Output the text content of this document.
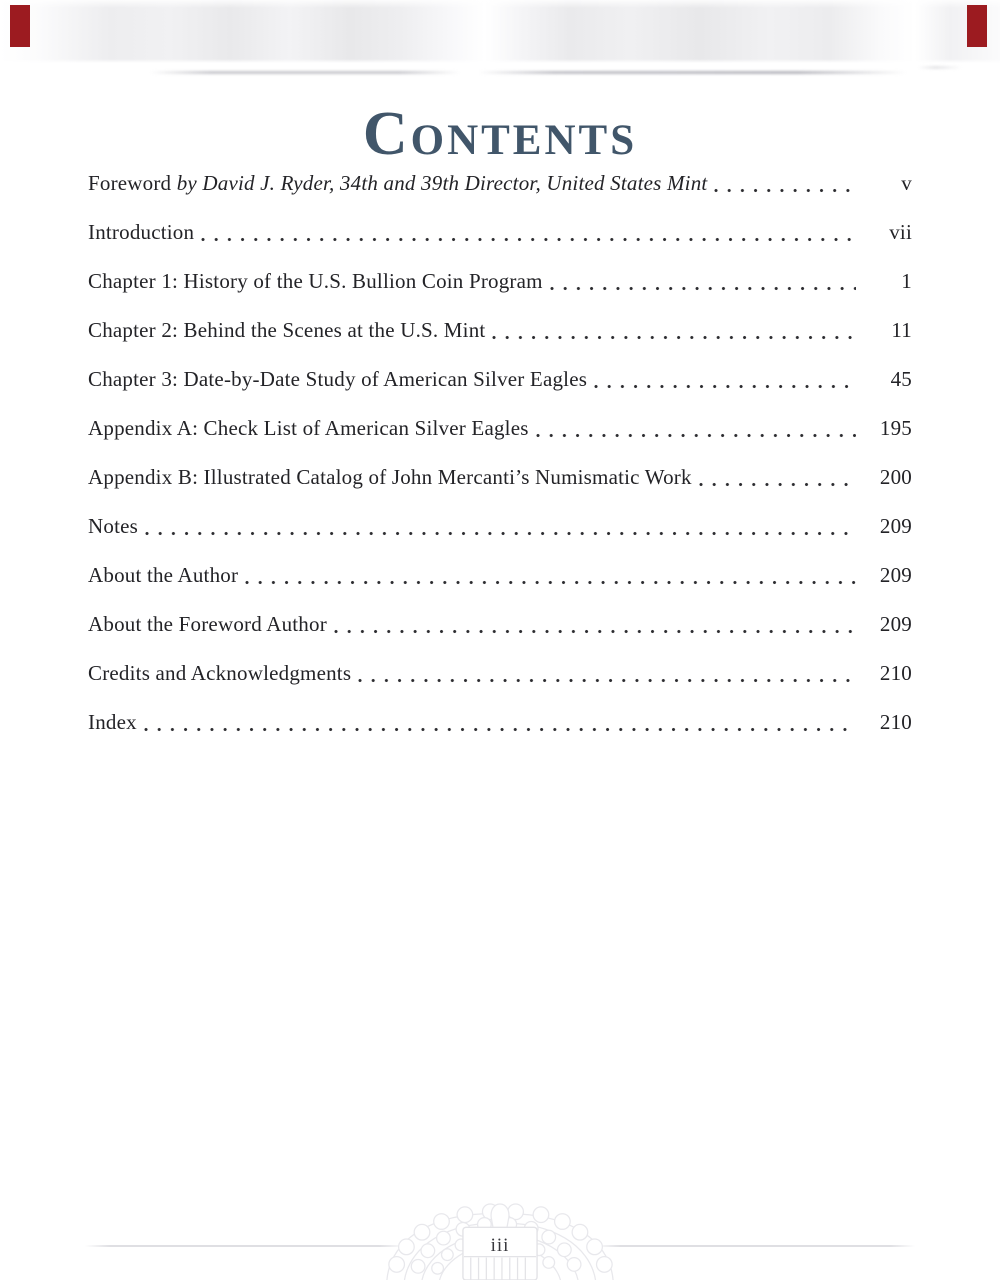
CONTENTS
Foreword by David J. Ryder, 34th and 39th Director, United States Mint	v
Introduction	vii
Chapter 1: History of the U.S. Bullion Coin Program	1
Chapter 2: Behind the Scenes at the U.S. Mint	11
Chapter 3: Date-by-Date Study of American Silver Eagles	45
Appendix A: Check List of American Silver Eagles	195
Appendix B: Illustrated Catalog of John Mercanti’s Numismatic Work	200
Notes	209
About the Author	209
About the Foreword Author	209
Credits and Acknowledgments	210
Index	210
iii
